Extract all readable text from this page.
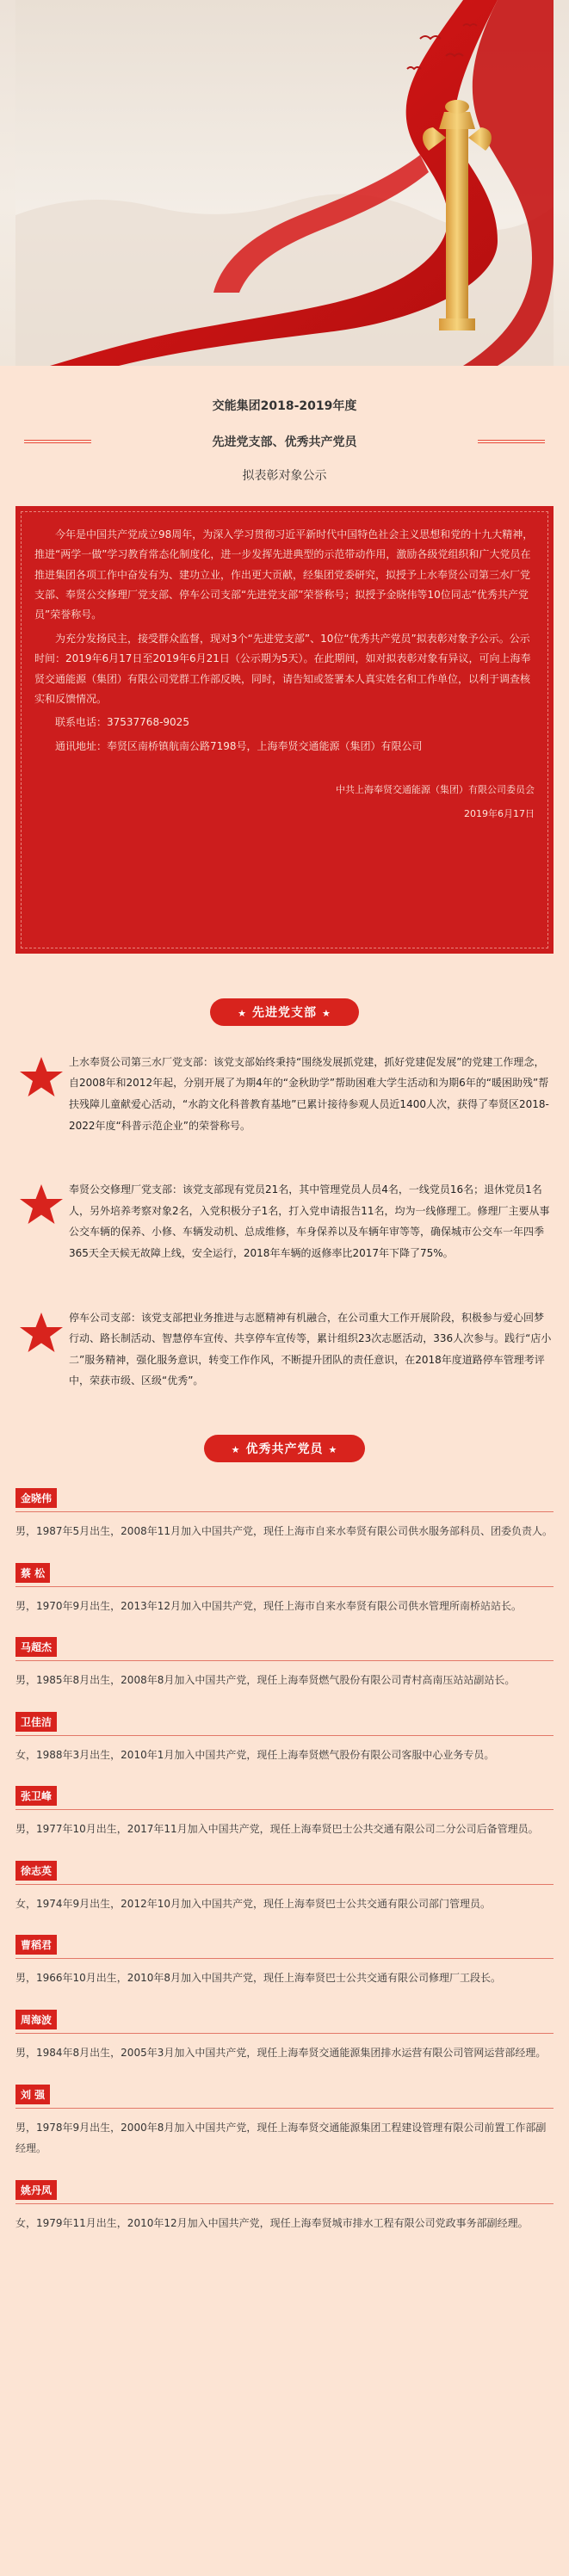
交能集团2018-2019年度
先进党支部、优秀共产党员
拟表彰对象公示

今年是中国共产党成立98周年，为深入学习贯彻习近平新时代中国特色社会主义思想和党的十九大精神，推进“两学一做”学习教育常态化制度化，进一步发挥先进典型的示范带动作用，激励各级党组织和广大党员在推进集团各项工作中奋发有为、建功立业，作出更大贡献，经集团党委研究，拟授予上水奉贤公司第三水厂党支部、奉贤公交修理厂党支部、停车公司支部“先进党支部”荣誉称号；拟授予金晓伟等10位同志“优秀共产党员”荣誉称号。

为充分发扬民主，接受群众监督，现对3个“先进党支部”、10位“优秀共产党员”拟表彰对象予公示。公示时间：2019年6月17日至2019年6月21日（公示期为5天）。在此期间，如对拟表彰对象有异议，可向上海奉贤交通能源（集团）有限公司党群工作部反映，同时，请告知或签署本人真实姓名和工作单位，以利于调查核实和反馈情况。

联系电话：37537768-9025

通讯地址：奉贤区南桥镇航南公路7198号，上海奉贤交通能源（集团）有限公司

中共上海奉贤交通能源（集团）有限公司委员会
2019年6月17日
★ 先进党支部 ★
上水奉贤公司第三水厂党支部：该党支部始终秉持“围绕发展抓党建，抓好党建促发展”的党建工作理念，自2008年和2012年起，分别开展了为期4年的“金秋助学”帮助困难大学生活动和为期6年的“暖困助残”帮扶残障儿童献爱心活动，“水韵文化科普教育基地”已累计接待参观人员近1400人次，获得了奉贤区2018-2022年度“科普示范企业”的荣誉称号。
奉贤公交修理厂党支部：该党支部现有党员21名，其中管理党员人员4名，一线党员16名；退休党员1名人，另外培养考察对象2名，入党积极分子1名，打入党申请报告11名，均为一线修理工。修理厂主要从事公交车辆的保养、小修、车辆发动机、总成维修，车身保养以及车辆年审等等，确保城市公交车一年四季365天全天候无故障上线，安全运行，2018年车辆的返修率比2017年下降了75%。
停车公司支部：该党支部把业务推进与志愿精神有机融合，在公司重大工作开展阶段，积极参与爱心回梦行动、路长制活动、智慧停车宣传、共享停车宣传等，累计组织23次志愿活动，336人次参与。践行“店小二”服务精神，强化服务意识，转变工作作风，不断提升团队的责任意识，在2018年度道路停车管理考评中，荣获市级、区级“优秀”。
★ 优秀共产党员 ★
金晓伟
男，1987年5月出生，2008年11月加入中国共产党，现任上海市自来水奉贤有限公司供水服务部科员、团委负责人。
蔡 松
男，1970年9月出生，2013年12月加入中国共产党，现任上海市自来水奉贤有限公司供水管理所南桥站站长。
马超杰
男，1985年8月出生，2008年8月加入中国共产党，现任上海奉贤燃气股份有限公司青村高南压站站副站长。
卫佳洁
女，1988年3月出生，2010年1月加入中国共产党，现任上海奉贤燃气股份有限公司客服中心业务专员。
张卫峰
男，1977年10月出生，2017年11月加入中国共产党，现任上海奉贤巴士公共交通有限公司二分公司后备管理员。
徐志英
女，1974年9月出生，2012年10月加入中国共产党，现任上海奉贤巴士公共交通有限公司部门管理员。
曹稻君
男，1966年10月出生，2010年8月加入中国共产党，现任上海奉贤巴士公共交通有限公司修理厂工段长。
周海波
男，1984年8月出生，2005年3月加入中国共产党，现任上海奉贤交通能源集团排水运营有限公司管网运营部经理。
刘 强
男，1978年9月出生，2000年8月加入中国共产党，现任上海奉贤交通能源集团工程建设管理有限公司前置工作部副经理。
姚丹凤
女，1979年11月出生，2010年12月加入中国共产党，现任上海奉贤城市排水工程有限公司党政事务部副经理。
